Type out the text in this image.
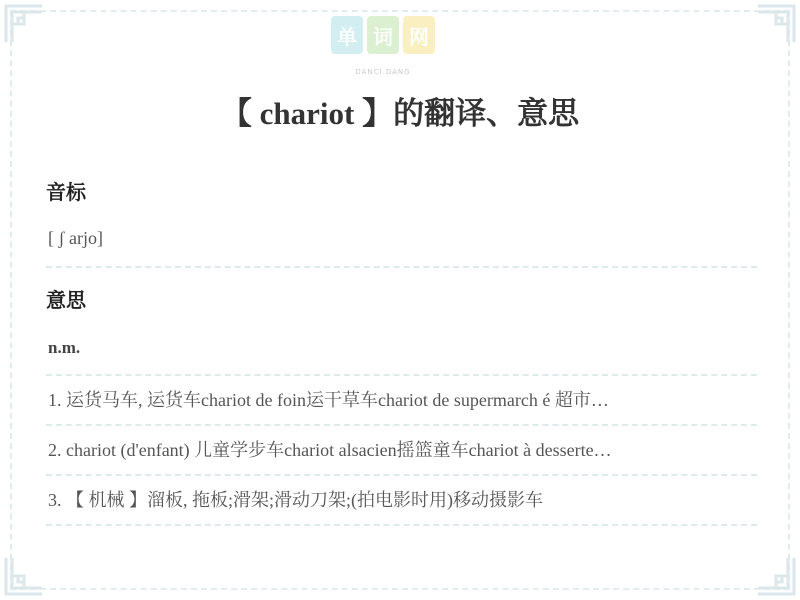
单 词 网
DANCI.DANG
【 chariot 】的翻译、意思
音标
[ ʃ arjo]
意思
n.m.
1. 运货马车, 运货车chariot de foin运干草车chariot de supermarch é 超市…
2. chariot (d'enfant) 儿童学步车chariot alsacien摇篮童车chariot à desserte…
3. 【 机械 】溜板, 拖板;滑架;滑动刀架;(拍电影时用)移动摄影车
